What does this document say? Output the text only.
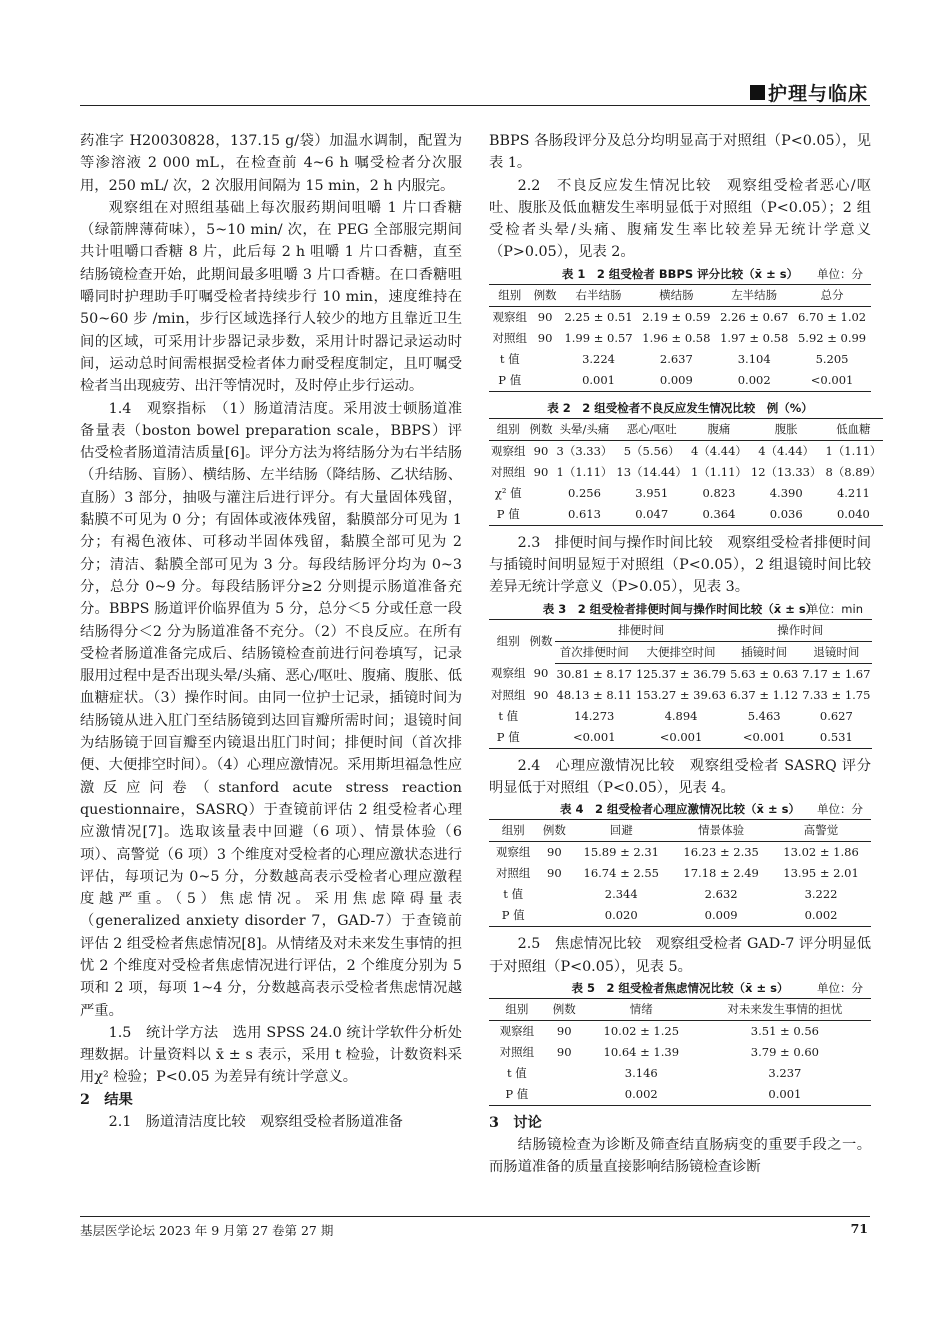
护理与临床

药准字 H20030828，137.15 g/袋）加温水调制，配置为等渗溶液 2 000 mL，在检查前 4~6 h 嘱受检者分次服用，250 mL/ 次，2 次服用间隔为 15 min，2 h 内服完。

观察组在对照组基础上每次服药期间咀嚼 1 片口香糖（绿箭牌薄荷味），5~10 min/ 次，在 PEG 全部服完期间共计咀嚼口香糖 8 片，此后每 2 h 咀嚼 1 片口香糖，直至结肠镜检查开始，此期间最多咀嚼 3 片口香糖。在口香糖咀嚼同时护理助手叮嘱受检者持续步行 10 min，速度维持在 50~60 步 /min，步行区域选择行人较少的地方且靠近卫生间的区域，可采用计步器记录步数，采用计时器记录运动时间，运动总时间需根据受检者体力耐受程度制定，且叮嘱受检者当出现疲劳、出汗等情况时，及时停止步行运动。

1.4　观察指标　（1）肠道清洁度。采用波士顿肠道准备量表（boston bowel preparation scale，BBPS）评估受检者肠道清洁质量[6]。评分方法为将结肠分为右半结肠（升结肠、盲肠）、横结肠、左半结肠（降结肠、乙状结肠、直肠）3 部分，抽吸与灌注后进行评分。有大量固体残留，黏膜不可见为 0 分；有固体或液体残留，黏膜部分可见为 1 分；有褐色液体、可移动半固体残留，黏膜全部可见为 2 分；清洁、黏膜全部可见为 3 分。每段结肠评分均为 0~3 分，总分 0~9 分。每段结肠评分≥2 分则提示肠道准备充分。BBPS 肠道评价临界值为 5 分，总分＜5 分或任意一段结肠得分＜2 分为肠道准备不充分。（2）不良反应。在所有受检者肠道准备完成后、结肠镜检查前进行问卷填写，记录服用过程中是否出现头晕/头痛、恶心/呕吐、腹痛、腹胀、低血糖症状。（3）操作时间。由同一位护士记录，插镜时间为结肠镜从进入肛门至结肠镜到达回盲瓣所需时间；退镜时间为结肠镜于回盲瓣至内镜退出肛门时间；排便时间（首次排便、大便排空时间）。（4）心理应激情况。采用斯坦福急性应激反应问卷（stanford acute stress reaction questionnaire，SASRQ）于查镜前评估 2 组受检者心理应激情况[7]。选取该量表中回避（6 项）、情景体验（6 项）、高警觉（6 项）3 个维度对受检者的心理应激状态进行评估，每项记为 0~5 分，分数越高表示受检者心理应激程度越严重。（5）焦虑情况。采用焦虑障碍量表（generalized anxiety disorder 7，GAD-7）于查镜前评估 2 组受检者焦虑情况[8]。从情绪及对未来发生事情的担忧 2 个维度对受检者焦虑情况进行评估，2 个维度分别为 5 项和 2 项，每项 1~4 分，分数越高表示受检者焦虑情况越严重。

1.5　统计学方法　选用 SPSS 24.0 统计学软件分析处理数据。计量资料以 x̄ ± s 表示，采用 t 检验，计数资料采用χ² 检验；P<0.05 为差异有统计学意义。

2　结果

2.1　肠道清洁度比较　观察组受检者肠道准备

BBPS 各肠段评分及总分均明显高于对照组（P<0.05），见表 1。

2.2　不良反应发生情况比较　观察组受检者恶心/呕吐、腹胀及低血糖发生率明显低于对照组（P<0.05）；2 组受检者头晕/头痛、腹痛发生率比较差异无统计学意义（P>0.05），见表 2。

表 1　2 组受检者 BBPS 评分比较（x̄ ± s） 单位：分
组别	例数	右半结肠	横结肠	左半结肠	总分
观察组	90	2.25 ± 0.51	2.19 ± 0.59	2.26 ± 0.67	6.70 ± 1.02
对照组	90	1.99 ± 0.57	1.96 ± 0.58	1.97 ± 0.58	5.92 ± 0.99
t 值		3.224	2.637	3.104	5.205
P 值		0.001	0.009	0.002	<0.001
表 2　2 组受检者不良反应发生情况比较　例（%）
组别	例数	头晕/头痛	恶心/呕吐	腹痛	腹胀	低血糖
观察组	90	3（3.33）	5（5.56）	4（4.44）	4（4.44）	1（1.11）
对照组	90	1（1.11）	13（14.44）	1（1.11）	12（13.33）	8（8.89）
χ² 值		0.256	3.951	0.823	4.390	4.211
P 值		0.613	0.047	0.364	0.036	0.040

2.3　排便时间与操作时间比较　观察组受检者排便时间与插镜时间明显短于对照组（P<0.05），2 组退镜时间比较差异无统计学意义（P>0.05），见表 3。

表 3　2 组受检者排便时间与操作时间比较（x̄ ± s）
单位：min
组别	例数	排便时间		操作时间	
		首次排便时间	大便排空时间	插镜时间	退镜时间
观察组	90	30.81 ± 8.17	125.37 ± 36.79	5.63 ± 0.63	7.17 ± 1.67
对照组	90	48.13 ± 8.11	153.27 ± 39.63	6.37 ± 1.12	7.33 ± 1.75
t 值		14.273	4.894	5.463	0.627
P 值		<0.001	<0.001	<0.001	0.531

2.4　心理应激情况比较　观察组受检者 SASRQ 评分明显低于对照组（P<0.05），见表 4。

表 4　2 组受检者心理应激情况比较（x̄ ± s） 单位：分
组别	例数	回避	情景体验	高警觉
观察组	90	15.89 ± 2.31	16.23 ± 2.35	13.02 ± 1.86
对照组	90	16.74 ± 2.55	17.18 ± 2.49	13.95 ± 2.01
t 值		2.344	2.632	3.222
P 值		0.020	0.009	0.002

2.5　焦虑情况比较　观察组受检者 GAD-7 评分明显低于对照组（P<0.05），见表 5。

表 5　2 组受检者焦虑情况比较（x̄ ± s） 单位：分
组别	例数	情绪	对未来发生事情的担忧
观察组	90	10.02 ± 1.25	3.51 ± 0.56
对照组	90	10.64 ± 1.39	3.79 ± 0.60
t 值		3.146	3.237
P 值		0.002	0.001

3　讨论

结肠镜检查为诊断及筛查结直肠病变的重要手段之一。而肠道准备的质量直接影响结肠镜检查诊断

基层医学论坛 2023 年 9 月第 27 卷第 27 期	71
